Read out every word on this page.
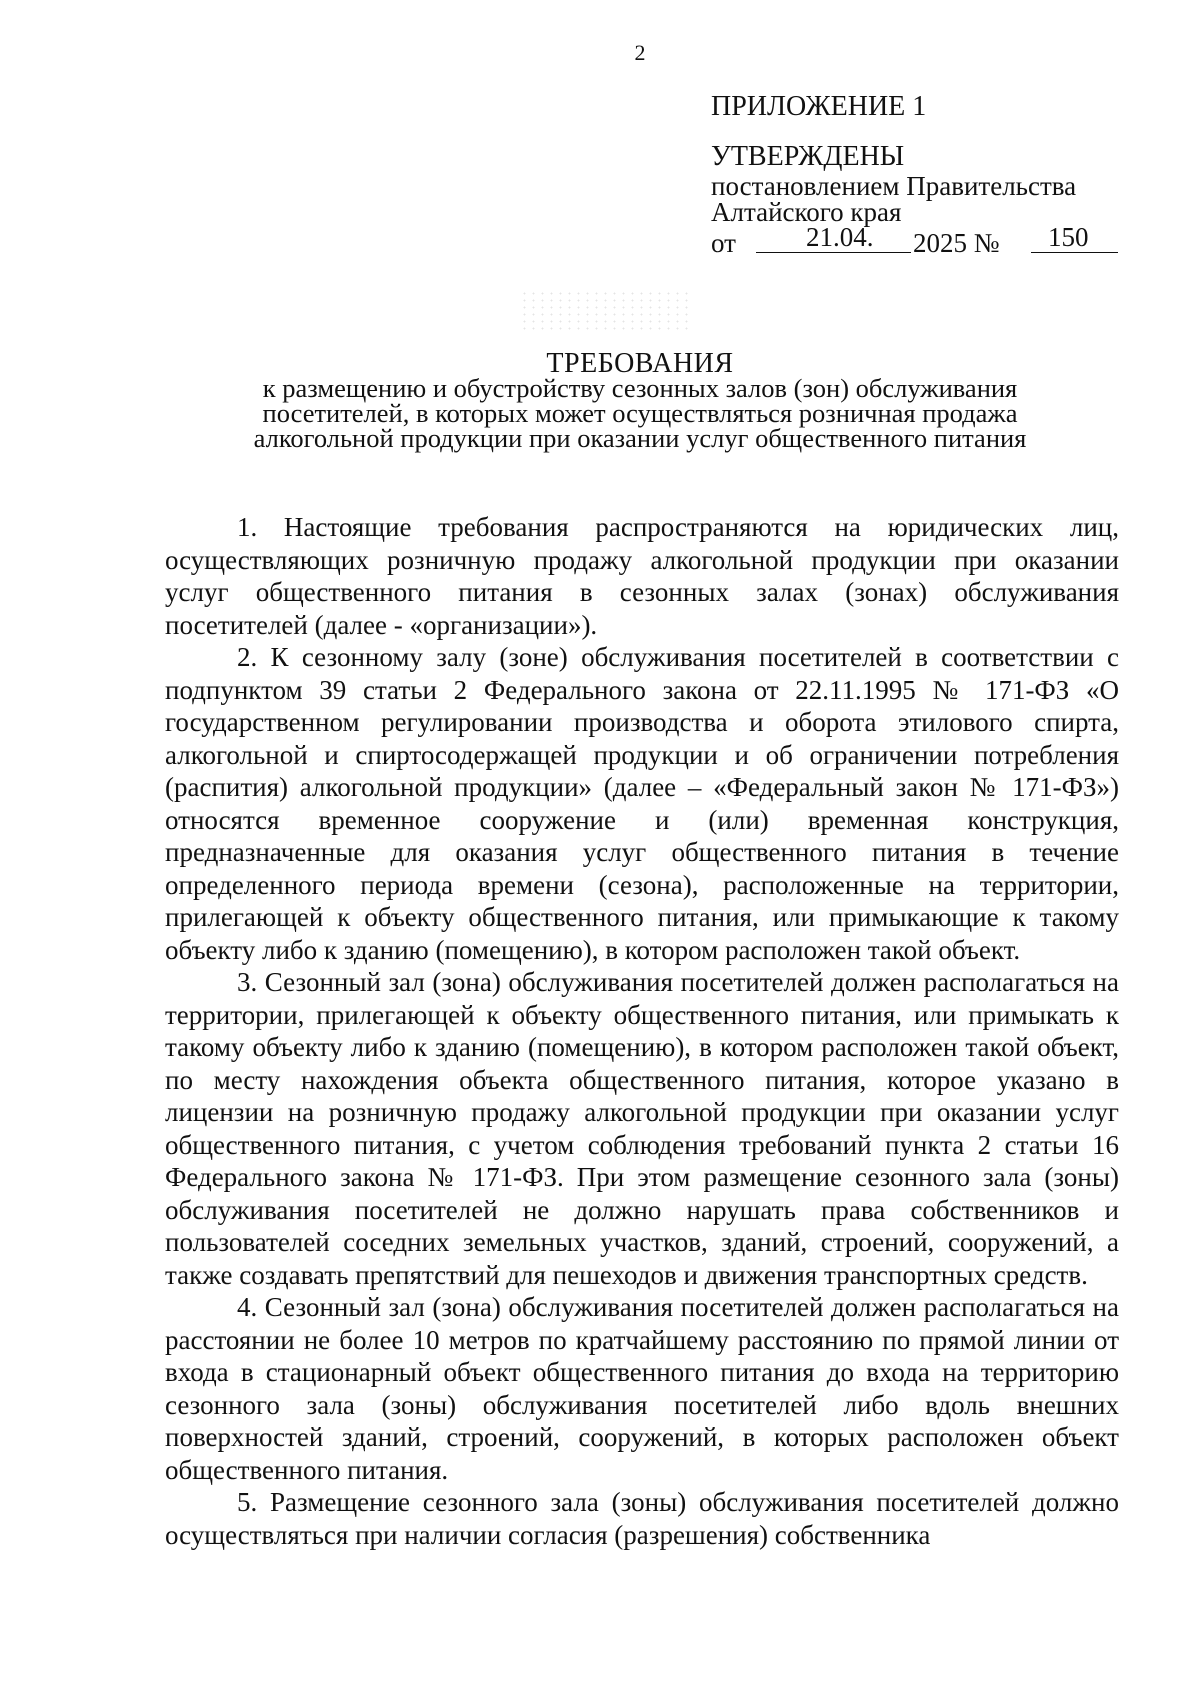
2
ПРИЛОЖЕНИЕ 1
УТВЕРЖДЕНЫ
постановлением Правительства
Алтайского края
от	21.04. 2025 № 150
ТРЕБОВАНИЯ
к размещению и обустройству сезонных залов (зон) обслуживания
посетителей, в которых может осуществляться розничная продажа
алкогольной продукции при оказании услуг общественного питания

1. Настоящие требования распространяются на юридических лиц, осуществляющих розничную продажу алкогольной продукции при оказании услуг общественного питания в сезонных залах (зонах) обслуживания посетителей (далее - «организации»).

2. К сезонному залу (зоне) обслуживания посетителей в соответствии с подпунктом 39 статьи 2 Федерального закона от 22.11.1995 № 171-ФЗ «О государственном регулировании производства и оборота этилового спирта, алкогольной и спиртосодержащей продукции и об ограничении потребления (распития) алкогольной продукции» (далее – «Федеральный закон № 171-ФЗ») относятся временное сооружение и (или) временная конструкция, предназначенные для оказания услуг общественного питания в течение определенного периода времени (сезона), расположенные на территории, прилегающей к объекту общественного питания, или примыкающие к такому объекту либо к зданию (помещению), в котором расположен такой объект.

3. Сезонный зал (зона) обслуживания посетителей должен располагаться на территории, прилегающей к объекту общественного питания, или примыкать к такому объекту либо к зданию (помещению), в котором расположен такой объект, по месту нахождения объекта общественного питания, которое указано в лицензии на розничную продажу алкогольной продукции при оказании услуг общественного питания, с учетом соблюдения требований пункта 2 статьи 16 Федерального закона № 171-ФЗ. При этом размещение сезонного зала (зоны) обслуживания посетителей не должно нарушать права собственников и пользователей соседних земельных участков, зданий, строений, сооружений, а также создавать препятствий для пешеходов и движения транспортных средств.

4. Сезонный зал (зона) обслуживания посетителей должен располагаться на расстоянии не более 10 метров по кратчайшему расстоянию по прямой линии от входа в стационарный объект общественного питания до входа на территорию сезонного зала (зоны) обслуживания посетителей либо вдоль внешних поверхностей зданий, строений, сооружений, в которых расположен объект общественного питания.

5. Размещение сезонного зала (зоны) обслуживания посетителей должно осуществляться при наличии согласия (разрешения) собственника
